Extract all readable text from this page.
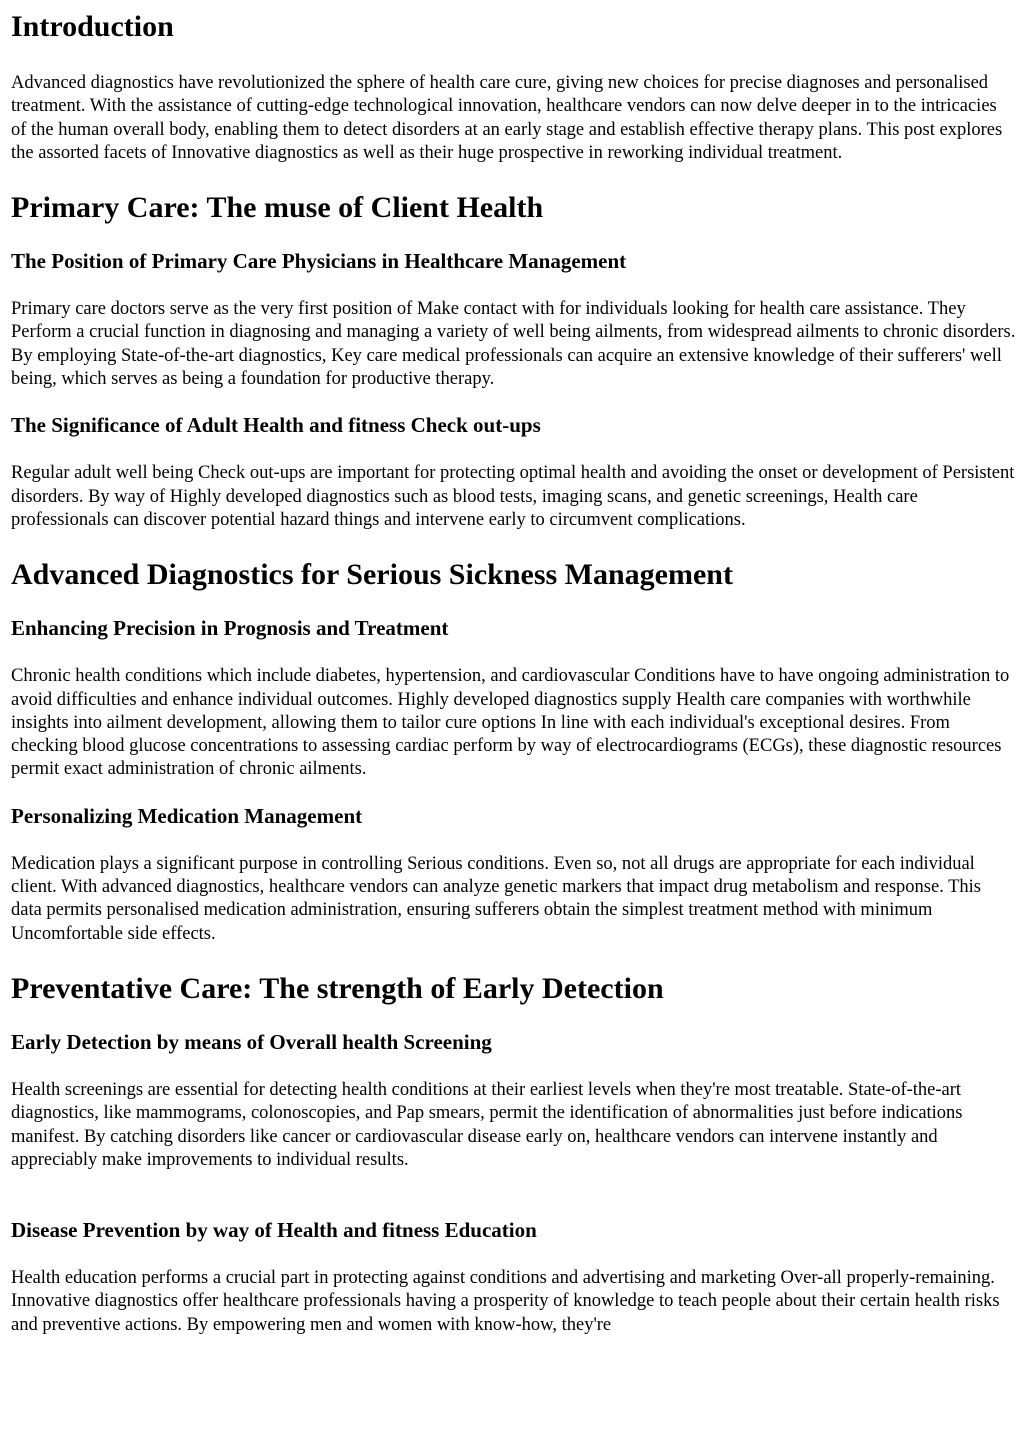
Introduction

Advanced diagnostics have revolutionized the sphere of health care cure, giving new choices for precise diagnoses and personalised treatment. With the assistance of cutting-edge technological innovation, healthcare vendors can now delve deeper in to the intricacies of the human overall body, enabling them to detect disorders at an early stage and establish effective therapy plans. This post explores the assorted facets of Innovative diagnostics as well as their huge prospective in reworking individual treatment.

Primary Care: The muse of Client Health
The Position of Primary Care Physicians in Healthcare Management

Primary care doctors serve as the very first position of Make contact with for individuals looking for health care assistance. They Perform a crucial function in diagnosing and managing a variety of well being ailments, from widespread ailments to chronic disorders. By employing State-of-the-art diagnostics, Key care medical professionals can acquire an extensive knowledge of their sufferers' well being, which serves as being a foundation for productive therapy.

The Significance of Adult Health and fitness Check out-ups

Regular adult well being Check out-ups are important for protecting optimal health and avoiding the onset or development of Persistent disorders. By way of Highly developed diagnostics such as blood tests, imaging scans, and genetic screenings, Health care professionals can discover potential hazard things and intervene early to circumvent complications.

Advanced Diagnostics for Serious Sickness Management
Enhancing Precision in Prognosis and Treatment

Chronic health conditions which include diabetes, hypertension, and cardiovascular Conditions have to have ongoing administration to avoid difficulties and enhance individual outcomes. Highly developed diagnostics supply Health care companies with worthwhile insights into ailment development, allowing them to tailor cure options In line with each individual's exceptional desires. From checking blood glucose concentrations to assessing cardiac perform by way of electrocardiograms (ECGs), these diagnostic resources permit exact administration of chronic ailments.

Personalizing Medication Management

Medication plays a significant purpose in controlling Serious conditions. Even so, not all drugs are appropriate for each individual client. With advanced diagnostics, healthcare vendors can analyze genetic markers that impact drug metabolism and response. This data permits personalised medication administration, ensuring sufferers obtain the simplest treatment method with minimum Uncomfortable side effects.

Preventative Care: The strength of Early Detection
Early Detection by means of Overall health Screening

Health screenings are essential for detecting health conditions at their earliest levels when they're most treatable. State-of-the-art diagnostics, like mammograms, colonoscopies, and Pap smears, permit the identification of abnormalities just before indications manifest. By catching disorders like cancer or cardiovascular disease early on, healthcare vendors can intervene instantly and appreciably make improvements to individual results.

Disease Prevention by way of Health and fitness Education

Health education performs a crucial part in protecting against conditions and advertising and marketing Over-all properly-remaining. Innovative diagnostics offer healthcare professionals having a prosperity of knowledge to teach people about their certain health risks and preventive actions. By empowering men and women with know-how, they're
